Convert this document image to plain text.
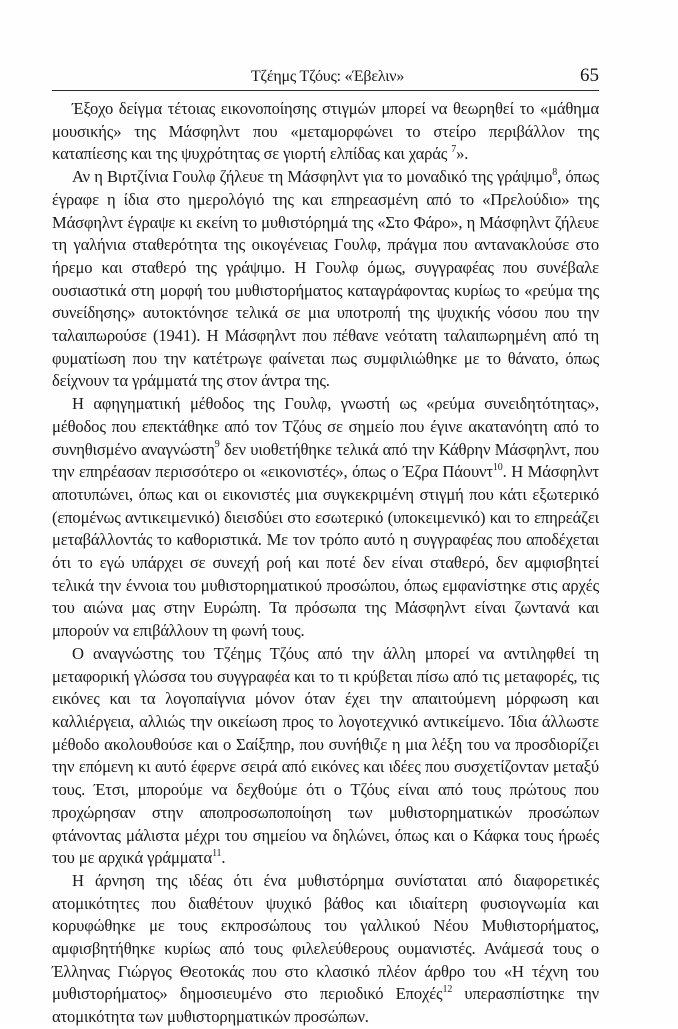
Τζέημς Τζόυς: «Έβελιν»	65

Έξοχο δείγμα τέτοιας εικονοποίησης στιγμών μπορεί να θεωρηθεί το «μάθημα μουσικής» της Μάσφηλντ που «μεταμορφώνει το στείρο περιβάλλον της καταπίεσης και της ψυχρότητας σε γιορτή ελπίδας και χαράς $^7$».

Αν η Βιρτζίνια Γουλφ ζήλευε τη Μάσφηλντ για το μοναδικό της γράψιμο$^8$, όπως έγραφε η ίδια στο ημερολόγιό της και επηρεασμένη από το «Πρελούδιο» της Μάσφηλντ έγραψε κι εκείνη το μυθιστόρημά της «Στο Φάρο», η Μάσφηλντ ζήλευε τη γαλήνια σταθερότητα της οικογένειας Γουλφ, πράγμα που αντανακλούσε στο ήρεμο και σταθερό της γράψιμο. Η Γουλφ όμως, συγγραφέας που συνέβαλε ουσιαστικά στη μορφή του μυθιστορήματος καταγράφοντας κυρίως το «ρεύμα της συνείδησης» αυτοκτόνησε τελικά σε μια υποτροπή της ψυχικής νόσου που την ταλαιπωρούσε (1941). Η Μάσφηλντ που πέθανε νεότατη ταλαιπωρημένη από τη φυματίωση που την κατέτρωγε φαίνεται πως συμφιλιώθηκε με το θάνατο, όπως δείχνουν τα γράμματά της στον άντρα της.

Η αφηγηματική μέθοδος της Γουλφ, γνωστή ως «ρεύμα συνειδητότητας», μέθοδος που επεκτάθηκε από τον Τζόυς σε σημείο που έγινε ακατανόητη από το συνηθισμένο αναγνώστη$^9$ δεν υιοθετήθηκε τελικά από την Κάθρην Μάσφηλντ, που την επηρέασαν περισσότερο οι «εικονιστές», όπως ο Έζρα Πάουντ$^{10}$. Η Μάσφηλντ αποτυπώνει, όπως και οι εικονιστές μια συγκεκριμένη στιγμή που κάτι εξωτερικό (επομένως αντικειμενικό) διεισδύει στο εσωτερικό (υποκειμενικό) και το επηρεάζει μεταβάλλοντάς το καθοριστικά. Με τον τρόπο αυτό η συγγραφέας που αποδέχεται ότι το εγώ υπάρχει σε συνεχή ροή και ποτέ δεν είναι σταθερό, δεν αμφισβητεί τελικά την έννοια του μυθιστορηματικού προσώπου, όπως εμφανίστηκε στις αρχές του αιώνα μας στην Ευρώπη. Τα πρόσωπα της Μάσφηλντ είναι ζωντανά και μπορούν να επιβάλλουν τη φωνή τους.

Ο αναγνώστης του Τζέημς Τζόυς από την άλλη μπορεί να αντιληφθεί τη μεταφορική γλώσσα του συγγραφέα και το τι κρύβεται πίσω από τις μεταφορές, τις εικόνες και τα λογοπαίγνια μόνον όταν έχει την απαιτούμενη μόρφωση και καλλιέργεια, αλλιώς την οικείωση προς το λογοτεχνικό αντικείμενο. Ίδια άλλωστε μέθοδο ακολουθούσε και ο Σαίξπηρ, που συνήθιζε η μια λέξη του να προσδιορίζει την επόμενη κι αυτό έφερνε σειρά από εικόνες και ιδέες που συσχετίζονταν μεταξύ τους. Έτσι, μπορούμε να δεχθούμε ότι ο Τζόυς είναι από τους πρώτους που προχώρησαν στην αποπροσωποποίηση των μυθιστορηματικών προσώπων φτάνοντας μάλιστα μέχρι του σημείου να δηλώνει, όπως και ο Κάφκα τους ήρωές του με αρχικά γράμματα$^{11}$.

Η άρνηση της ιδέας ότι ένα μυθιστόρημα συνίσταται από διαφορετικές ατομικότητες που διαθέτουν ψυχικό βάθος και ιδιαίτερη φυσιογνωμία και κορυφώθηκε με τους εκπροσώπους του γαλλικού Νέου Μυθιστορήματος, αμφισβητήθηκε κυρίως από τους φιλελεύθερους ουμανιστές. Ανάμεσά τους ο Έλληνας Γιώργος Θεοτοκάς που στο κλασικό πλέον άρθρο του «Η τέχνη του μυθιστορήματος» δημοσιευμένο στο περιοδικό Εποχές$^{12}$ υπερασπίστηκε την ατομικότητα των μυθιστορηματικών προσώπων.
